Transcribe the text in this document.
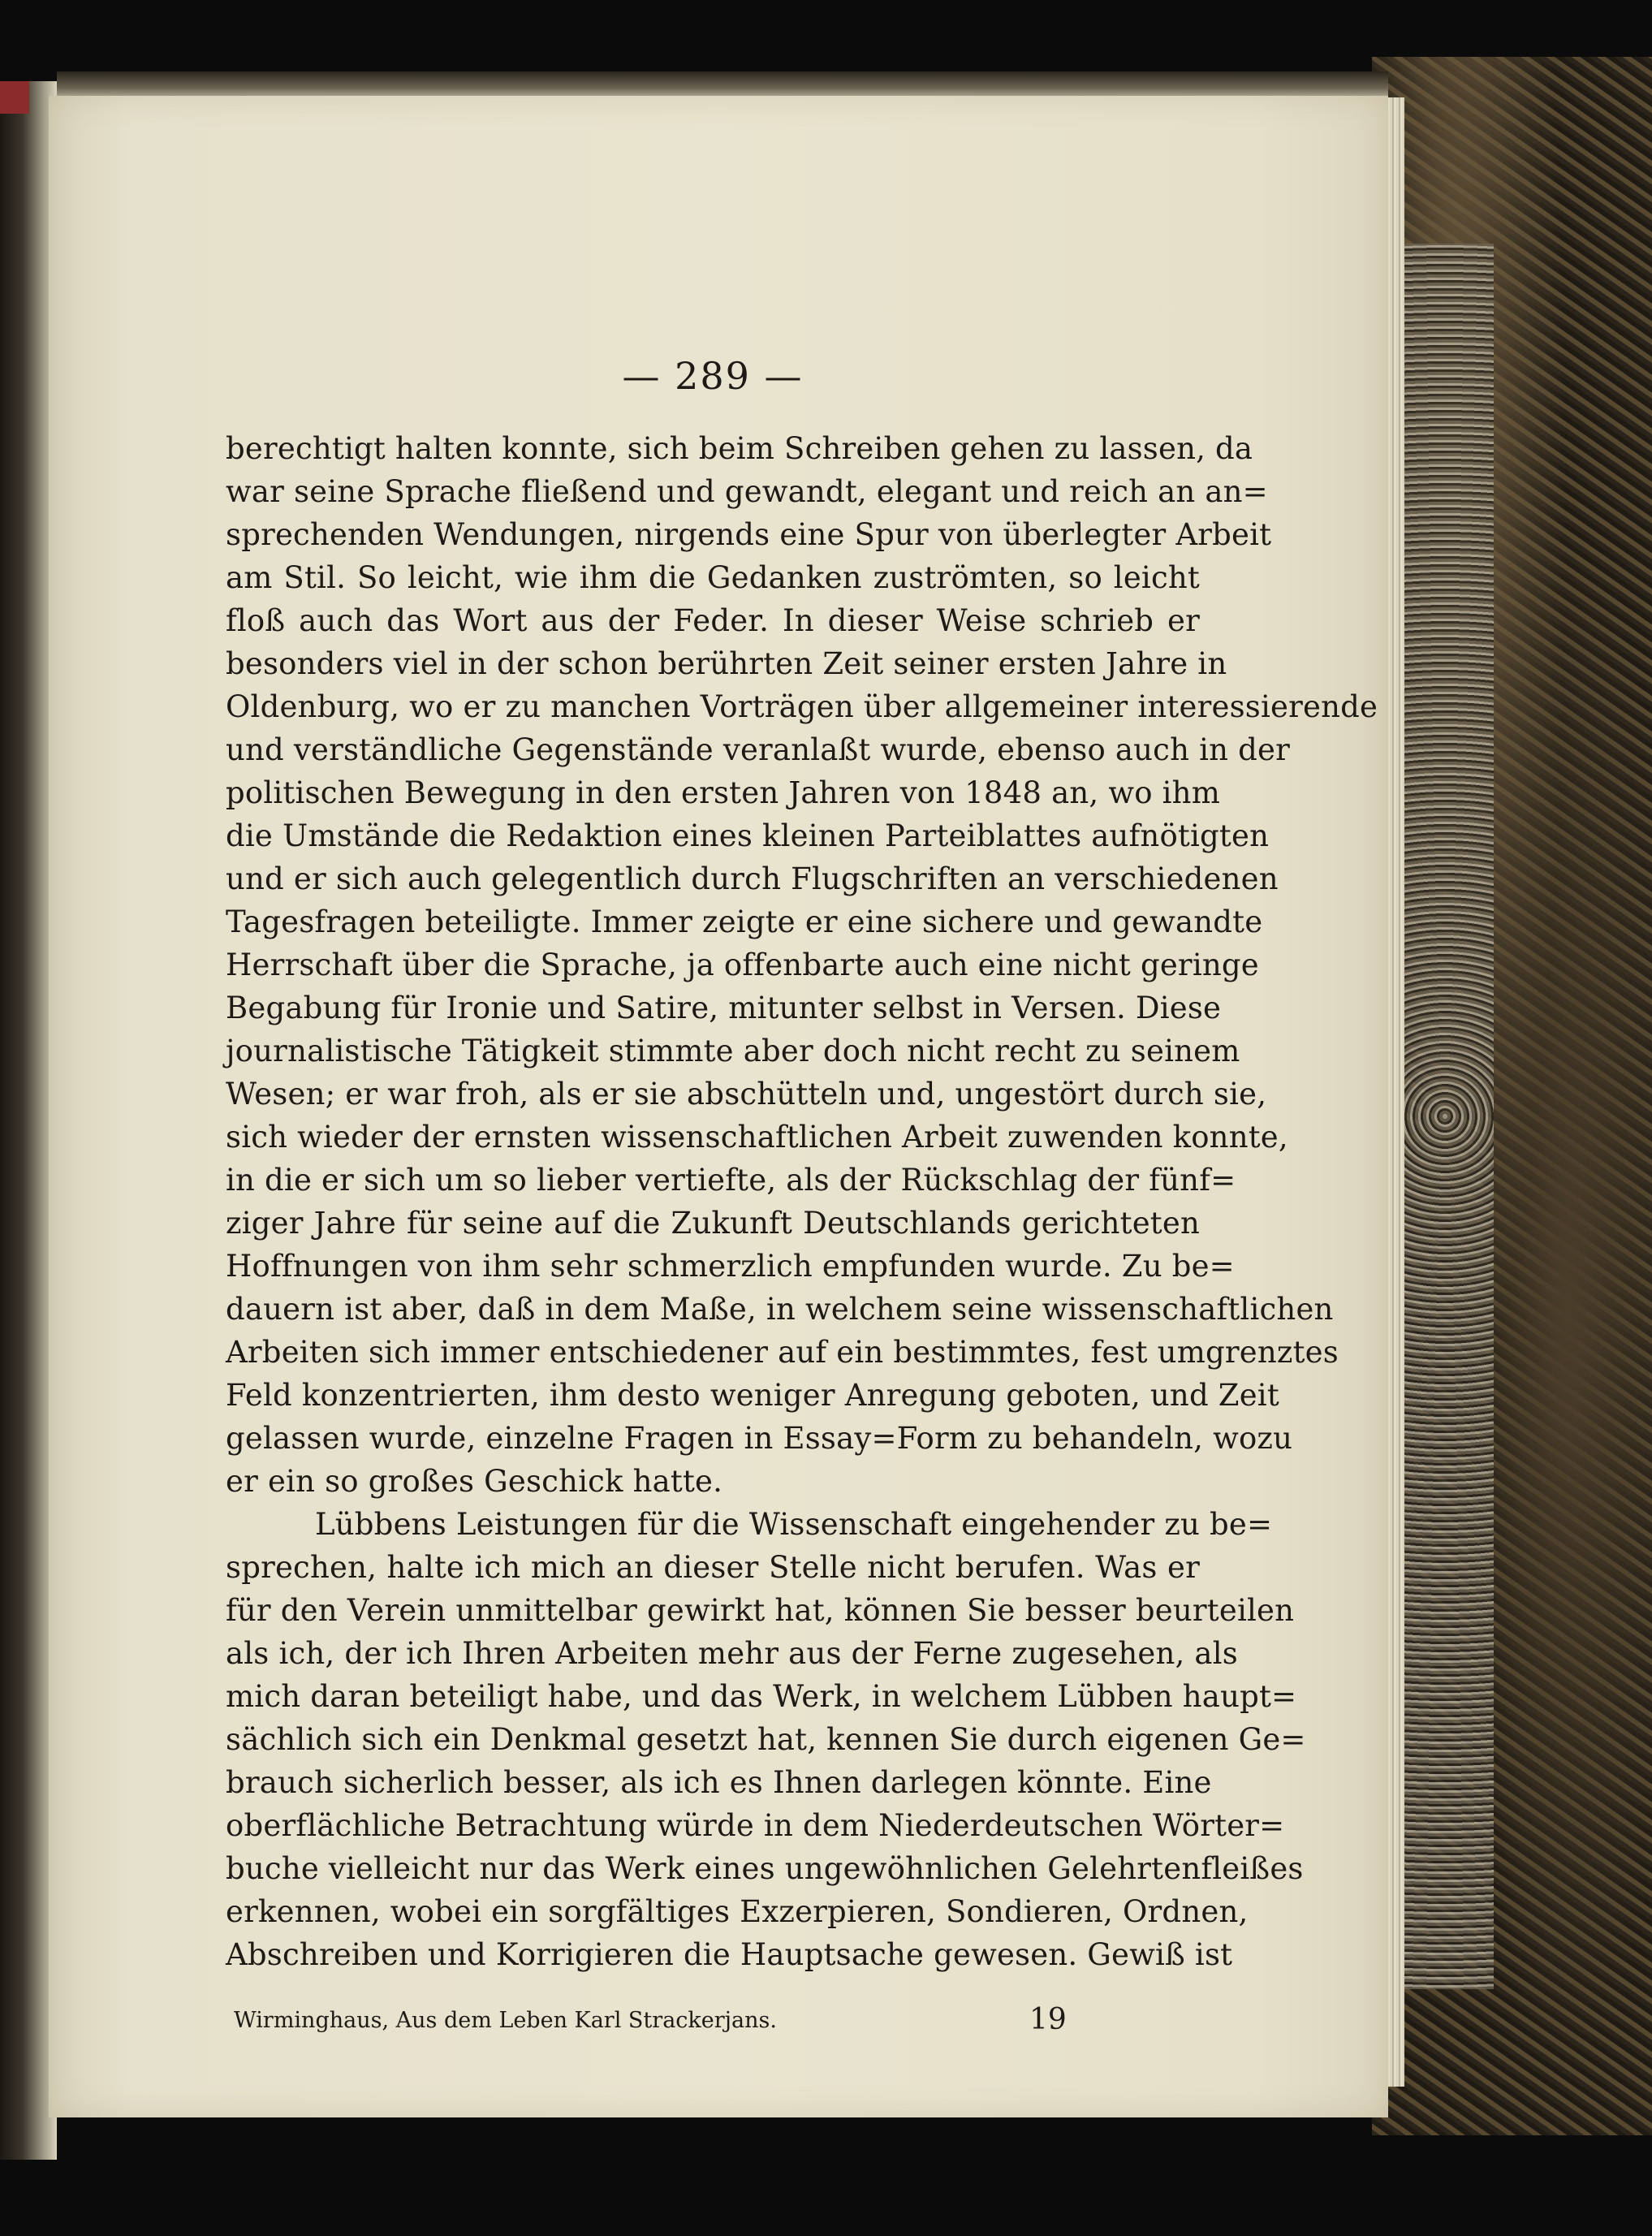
— 289 —
berechtigt halten konnte, sich beim Schreiben gehen zu lassen, da
war seine Sprache fließend und gewandt, elegant und reich an an=
sprechenden Wendungen, nirgends eine Spur von überlegter Arbeit
am Stil. So leicht, wie ihm die Gedanken zuströmten, so leicht
floß auch das Wort aus der Feder. In dieser Weise schrieb er
besonders viel in der schon berührten Zeit seiner ersten Jahre in
Oldenburg, wo er zu manchen Vorträgen über allgemeiner interessierende
und verständliche Gegenstände veranlaßt wurde, ebenso auch in der
politischen Bewegung in den ersten Jahren von 1848 an, wo ihm
die Umstände die Redaktion eines kleinen Parteiblattes aufnötigten
und er sich auch gelegentlich durch Flugschriften an verschiedenen
Tagesfragen beteiligte. Immer zeigte er eine sichere und gewandte
Herrschaft über die Sprache, ja offenbarte auch eine nicht geringe
Begabung für Ironie und Satire, mitunter selbst in Versen. Diese
journalistische Tätigkeit stimmte aber doch nicht recht zu seinem
Wesen; er war froh, als er sie abschütteln und, ungestört durch sie,
sich wieder der ernsten wissenschaftlichen Arbeit zuwenden konnte,
in die er sich um so lieber vertiefte, als der Rückschlag der fünf=
ziger Jahre für seine auf die Zukunft Deutschlands gerichteten
Hoffnungen von ihm sehr schmerzlich empfunden wurde. Zu be=
dauern ist aber, daß in dem Maße, in welchem seine wissenschaftlichen
Arbeiten sich immer entschiedener auf ein bestimmtes, fest umgrenztes
Feld konzentrierten, ihm desto weniger Anregung geboten, und Zeit
gelassen wurde, einzelne Fragen in Essay=Form zu behandeln, wozu
er ein so großes Geschick hatte.
Lübbens Leistungen für die Wissenschaft eingehender zu be=
sprechen, halte ich mich an dieser Stelle nicht berufen. Was er
für den Verein unmittelbar gewirkt hat, können Sie besser beurteilen
als ich, der ich Ihren Arbeiten mehr aus der Ferne zugesehen, als
mich daran beteiligt habe, und das Werk, in welchem Lübben haupt=
sächlich sich ein Denkmal gesetzt hat, kennen Sie durch eigenen Ge=
brauch sicherlich besser, als ich es Ihnen darlegen könnte. Eine
oberflächliche Betrachtung würde in dem Niederdeutschen Wörter=
buche vielleicht nur das Werk eines ungewöhnlichen Gelehrtenfleißes
erkennen, wobei ein sorgfältiges Exzerpieren, Sondieren, Ordnen,
Abschreiben und Korrigieren die Hauptsache gewesen. Gewiß ist
Wirminghaus, Aus dem Leben Karl Strackerjans.	19
